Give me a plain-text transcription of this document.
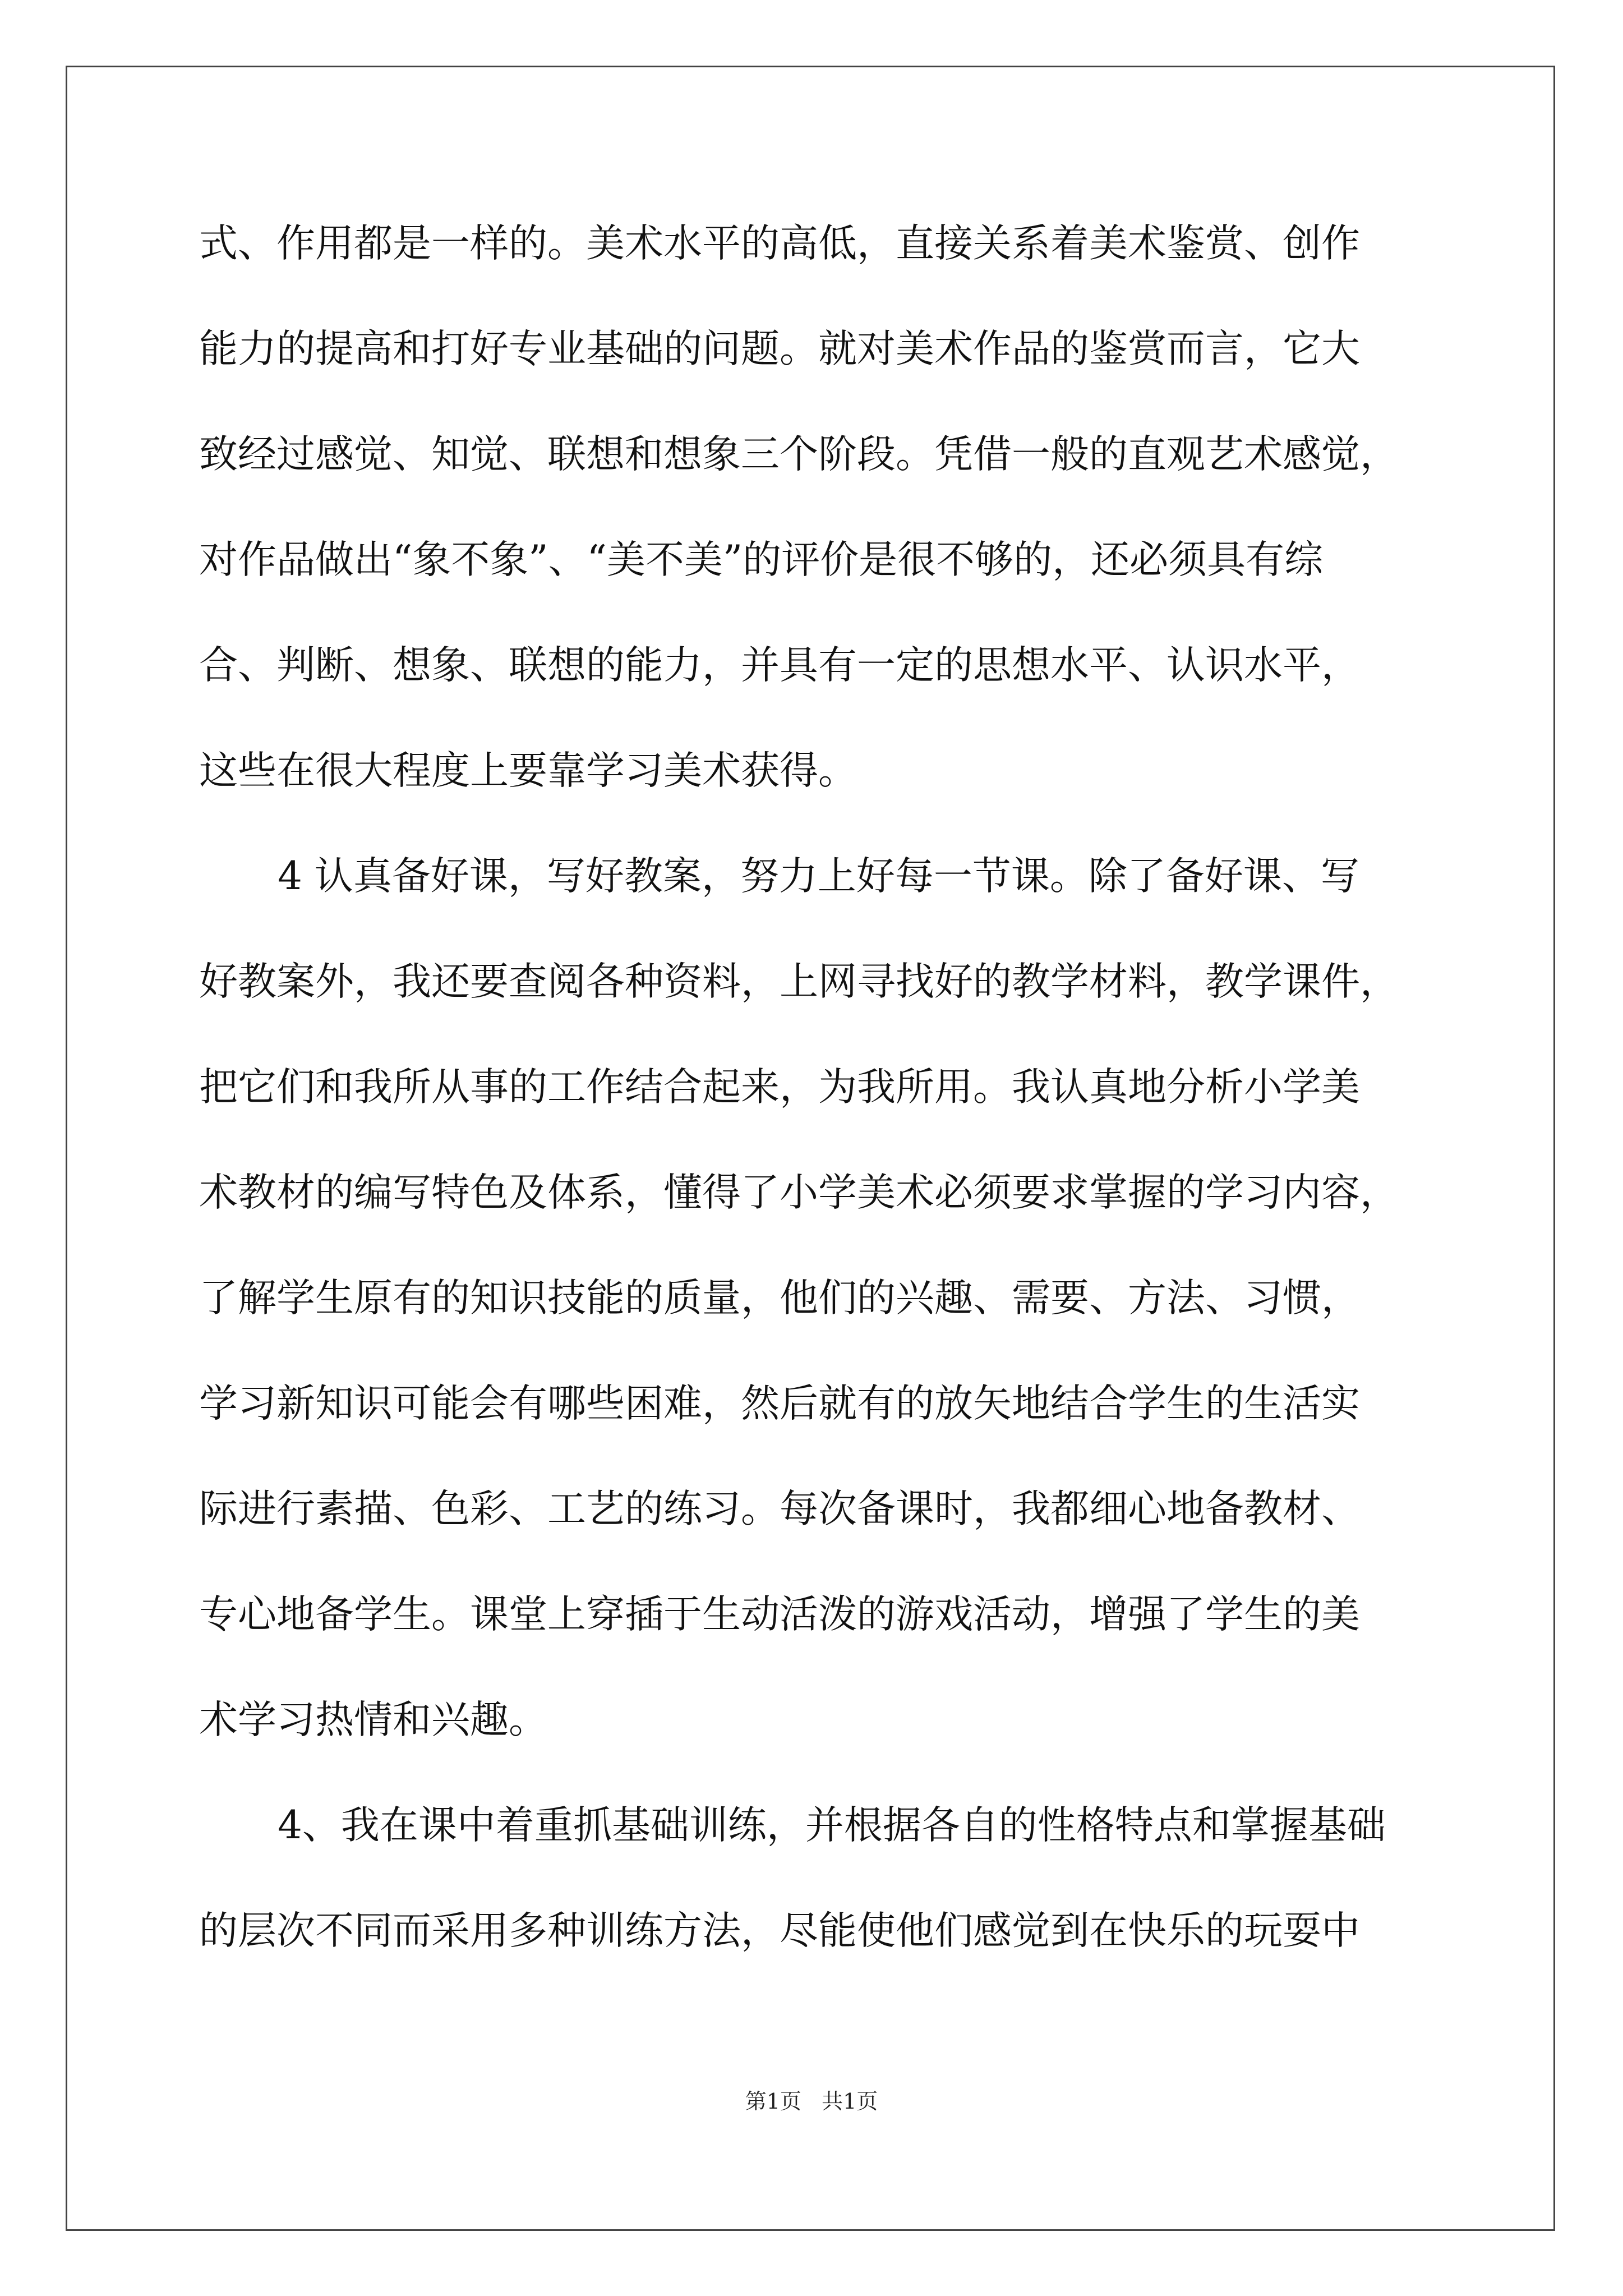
式、作用都是一样的。美术水平的高低，直接关系着美术鉴赏、创作
能力的提高和打好专业基础的问题。就对美术作品的鉴赏而言，它大
致经过感觉、知觉、联想和想象三个阶段。凭借一般的直观艺术感觉，
对作品做出“象不象”、“美不美”的评价是很不够的，还必须具有综
合、判断、想象、联想的能力，并具有一定的思想水平、认识水平，
这些在很大程度上要靠学习美术获得。
4 认真备好课，写好教案，努力上好每一节课。除了备好课、写
好教案外，我还要查阅各种资料，上网寻找好的教学材料，教学课件，
把它们和我所从事的工作结合起来，为我所用。我认真地分析小学美
术教材的编写特色及体系，懂得了小学美术必须要求掌握的学习内容，
了解学生原有的知识技能的质量，他们的兴趣、需要、方法、习惯，
学习新知识可能会有哪些困难，然后就有的放矢地结合学生的生活实
际进行素描、色彩、工艺的练习。每次备课时，我都细心地备教材、
专心地备学生。课堂上穿插于生动活泼的游戏活动，增强了学生的美
术学习热情和兴趣。
4、我在课中着重抓基础训练，并根据各自的性格特点和掌握基础
的层次不同而采用多种训练方法，尽能使他们感觉到在快乐的玩耍中
第1页   共1页
